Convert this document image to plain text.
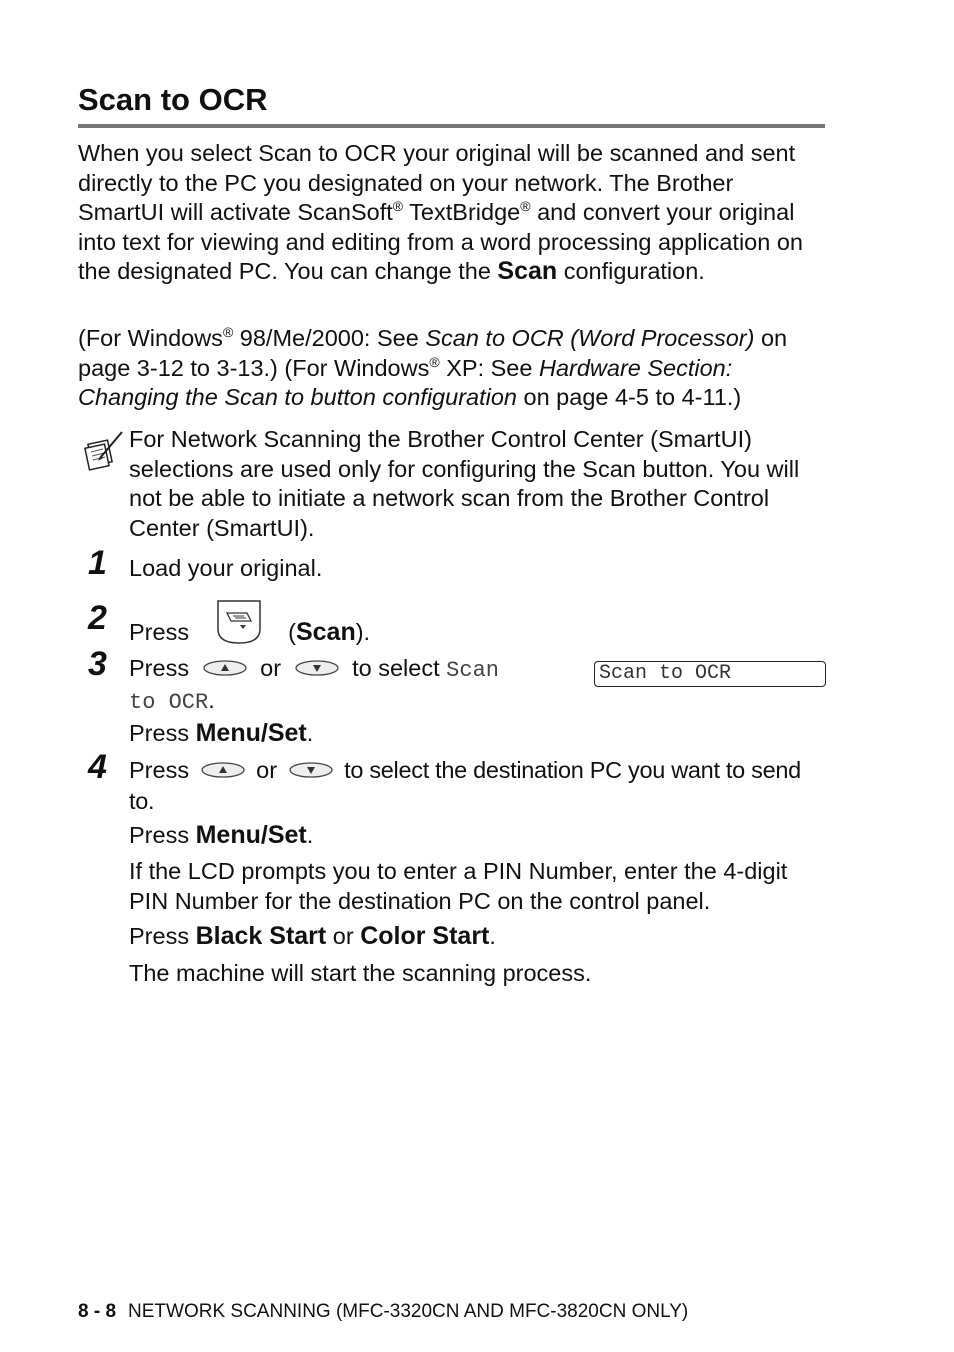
Scan to OCR

When you select Scan to OCR your original will be scanned and sent directly to the PC you designated on your network. The Brother SmartUI will activate ScanSoft® TextBridge® and convert your original into text for viewing and editing from a word processing application on the designated PC. You can change the Scan configuration.

(For Windows® 98/Me/2000: See Scan to OCR (Word Processor) on page 3-12 to 3-13.) (For Windows® XP: See Hardware Section: Changing the Scan to button configuration on page 4-5 to 4-11.)

For Network Scanning the Brother Control Center (SmartUI) selections are used only for configuring the Scan button. You will not be able to initiate a network scan from the Brother Control Center (SmartUI).
1 Load your original.
2 Press	(Scan).
3 Press	or	to select Scan
to OCR.
Scan to OCR
Press Menu/Set.
4 Press	or	to select the destination PC you want to send to.
Press Menu/Set.
If the LCD prompts you to enter a PIN Number, enter the 4-digit PIN Number for the destination PC on the control panel.
Press Black Start or Color Start.
The machine will start the scanning process.
8 - 8 NETWORK SCANNING (MFC-3320CN AND MFC-3820CN ONLY)
